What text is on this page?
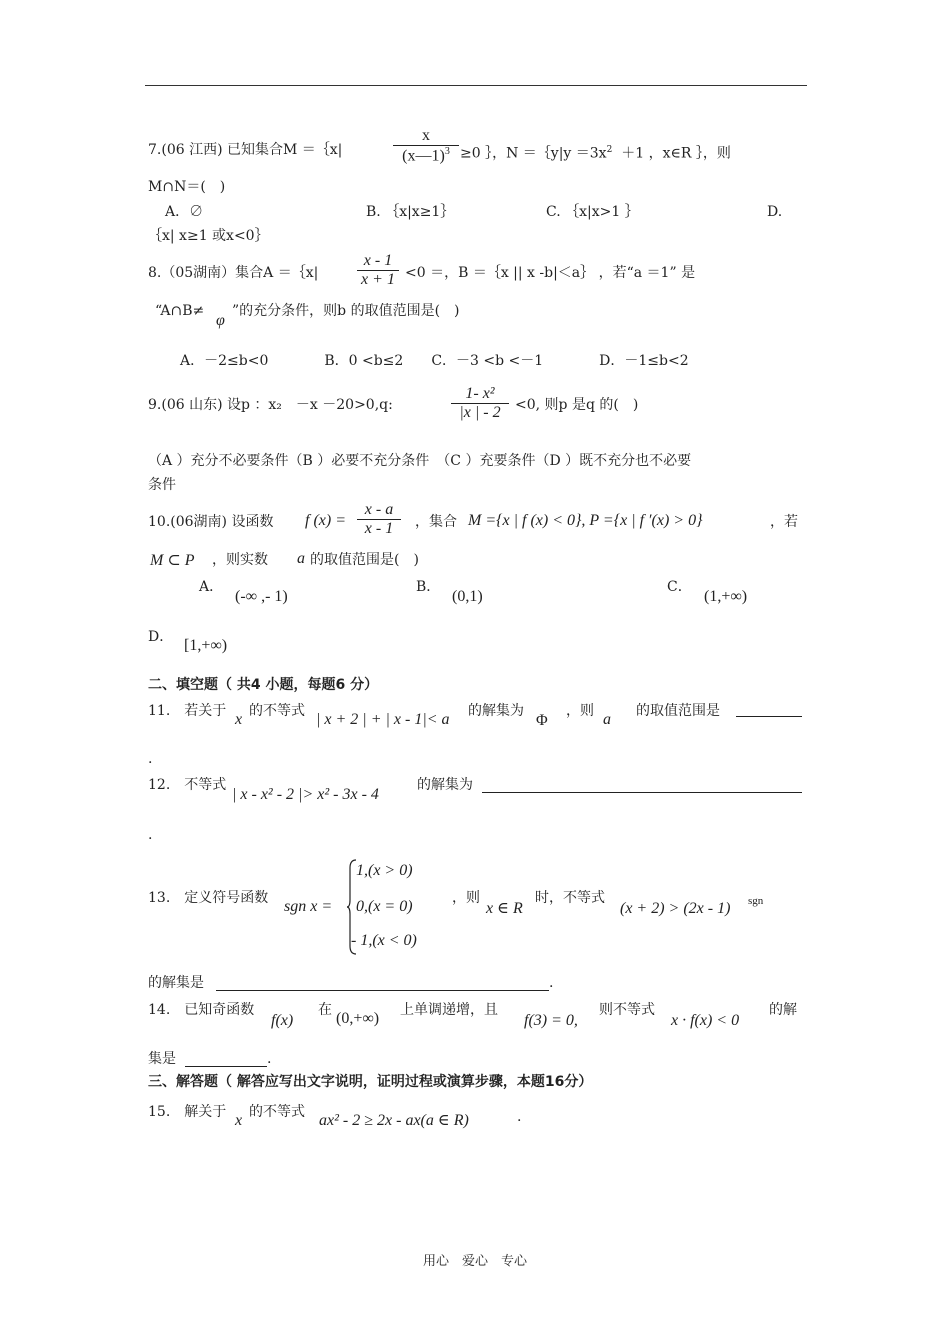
7.(06 江西) 已知集合M ＝｛x|	$\frac{x}{(x—1)^3} \ge 0$ ｝，N ＝｛y|y $=3x^2 +1$ ，x∈R ｝，则
M∩N＝(　)
A．∅	B. ｛x|x≥1｝	C. ｛x|x>1 ｝	D.
｛x| x≥1 或x<0｝
8.（05湖南）集合A ＝｛x| $\frac{x - 1}{x + 1} <0$ ＝，B ＝｛x || x -b|＜a｝ ，若“a ＝1” 是
“A∩B≠
φ
”的充分条件，则b 的取值范围是(　)
A．－2≤b<0　　　　B．0 <b≤2　　C．－3 <b <－1　　　　D．－1≤b<2
9.(06 山东) 设p ：x₂　－x －20>0,q:	$\frac{\text{1- x²}}{|x | - 2} <0$, 则p 是q 的(　)
（A ）充分不必要条件（B ）必要不充分条件　（C ）充要条件（D ）既不充分也不必要
条件
10.(06湖南) 设函数 f $(x) = \frac{x - a}{x - 1}$ ，集合 M ={x | f (x) < 0}, P ={x | f ′(x) > 0}	，若
M ⊂ P ，则实数 a 的取值范围是(　)
A．
(-∞ ,- 1)
B．
(0,1)
C．
(1,+∞)
D． [1,+∞)
二、填空题（ 共4 小题，每题6 分）
11.　若关于 x 的不等式 | x + 2 | + | x - 1|< a 的解集为
Φ
，则 a 的取值范围是
.
12.　不等式
| x - x² - 2 |> x² - 3x - 4
的解集为
.
13.　定义符号函数 sgn x =
1,(x > 0)
0,(x = 0)
- 1,(x < 0)
，则
x ∈ R
时，不等式
(x + 2) > (2x - 1) sgn
的解集是	.
14.　已知奇函数
f(x)
在 (0,+∞) 上单调递增，且
f(3) = 0,
则不等式
x · f(x) < 0
的解
集是	.
三、解答题（ 解答应写出文字说明，证明过程或演算步骤，本题16分）
15.　解关于 x 的不等式 ax² - 2 ≥ 2x - ax(a ∈ R)	.
用心　爱心　专心
